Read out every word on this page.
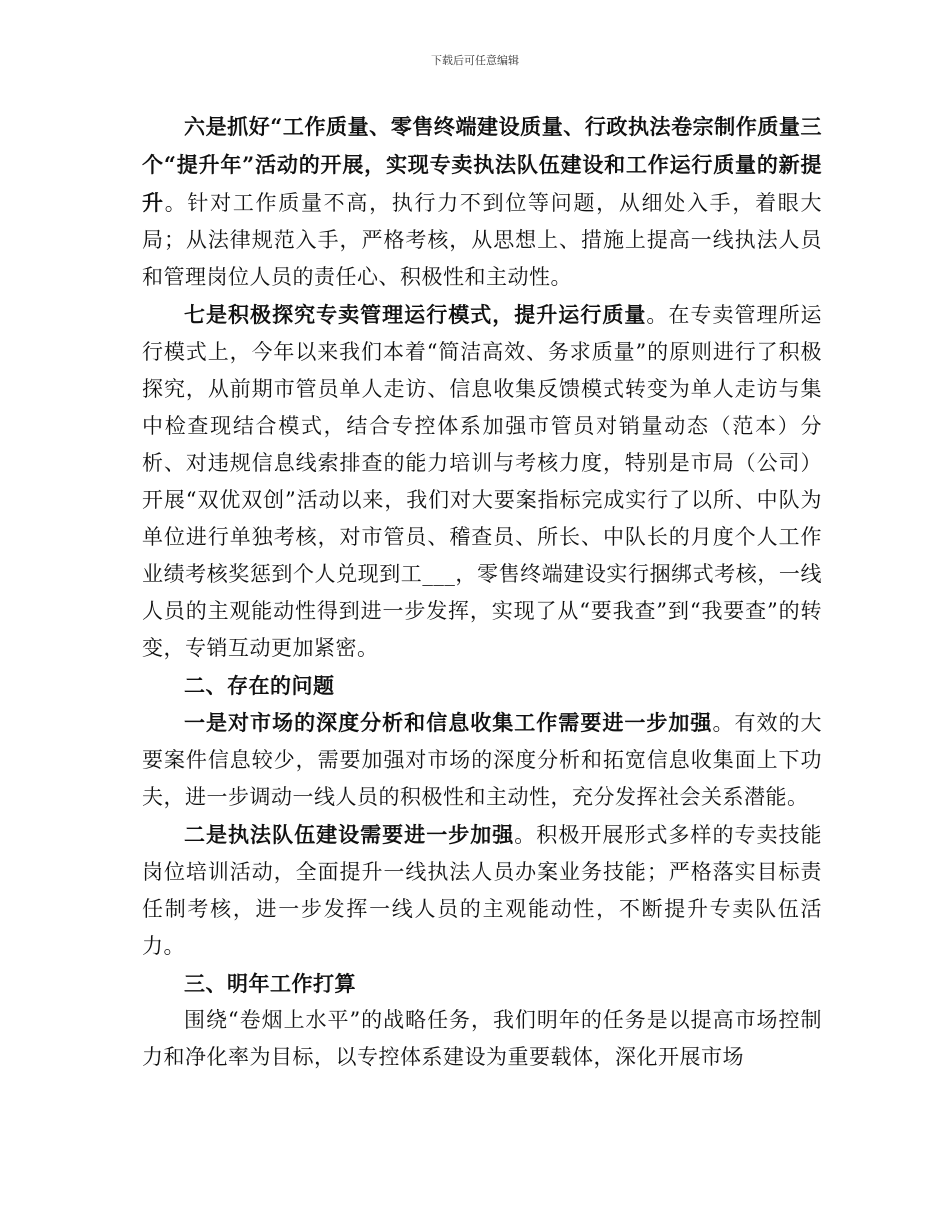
下载后可任意编辑

六是抓好“工作质量、零售终端建设质量、行政执法卷宗制作质量三个“提升年”活动的开展，实现专卖执法队伍建设和工作运行质量的新提升。针对工作质量不高，执行力不到位等问题，从细处入手，着眼大局；从法律规范入手，严格考核，从思想上、措施上提高一线执法人员和管理岗位人员的责任心、积极性和主动性。

七是积极探究专卖管理运行模式，提升运行质量。在专卖管理所运行模式上，今年以来我们本着“简洁高效、务求质量”的原则进行了积极探究，从前期市管员单人走访、信息收集反馈模式转变为单人走访与集中检查现结合模式，结合专控体系加强市管员对销量动态（范本）分析、对违规信息线索排查的能力培训与考核力度，特别是市局（公司）开展“双优双创”活动以来，我们对大要案指标完成实行了以所、中队为单位进行单独考核，对市管员、稽查员、所长、中队长的月度个人工作业绩考核奖惩到个人兑现到工___，零售终端建设实行捆绑式考核，一线人员的主观能动性得到进一步发挥，实现了从“要我查”到“我要查”的转变，专销互动更加紧密。

二、存在的问题

一是对市场的深度分析和信息收集工作需要进一步加强。有效的大要案件信息较少，需要加强对市场的深度分析和拓宽信息收集面上下功夫，进一步调动一线人员的积极性和主动性，充分发挥社会关系潜能。

二是执法队伍建设需要进一步加强。积极开展形式多样的专卖技能岗位培训活动，全面提升一线执法人员办案业务技能；严格落实目标责任制考核，进一步发挥一线人员的主观能动性，不断提升专卖队伍活力。

三、明年工作打算

围绕“卷烟上水平”的战略任务，我们明年的任务是以提高市场控制力和净化率为目标，以专控体系建设为重要载体，深化开展市场
